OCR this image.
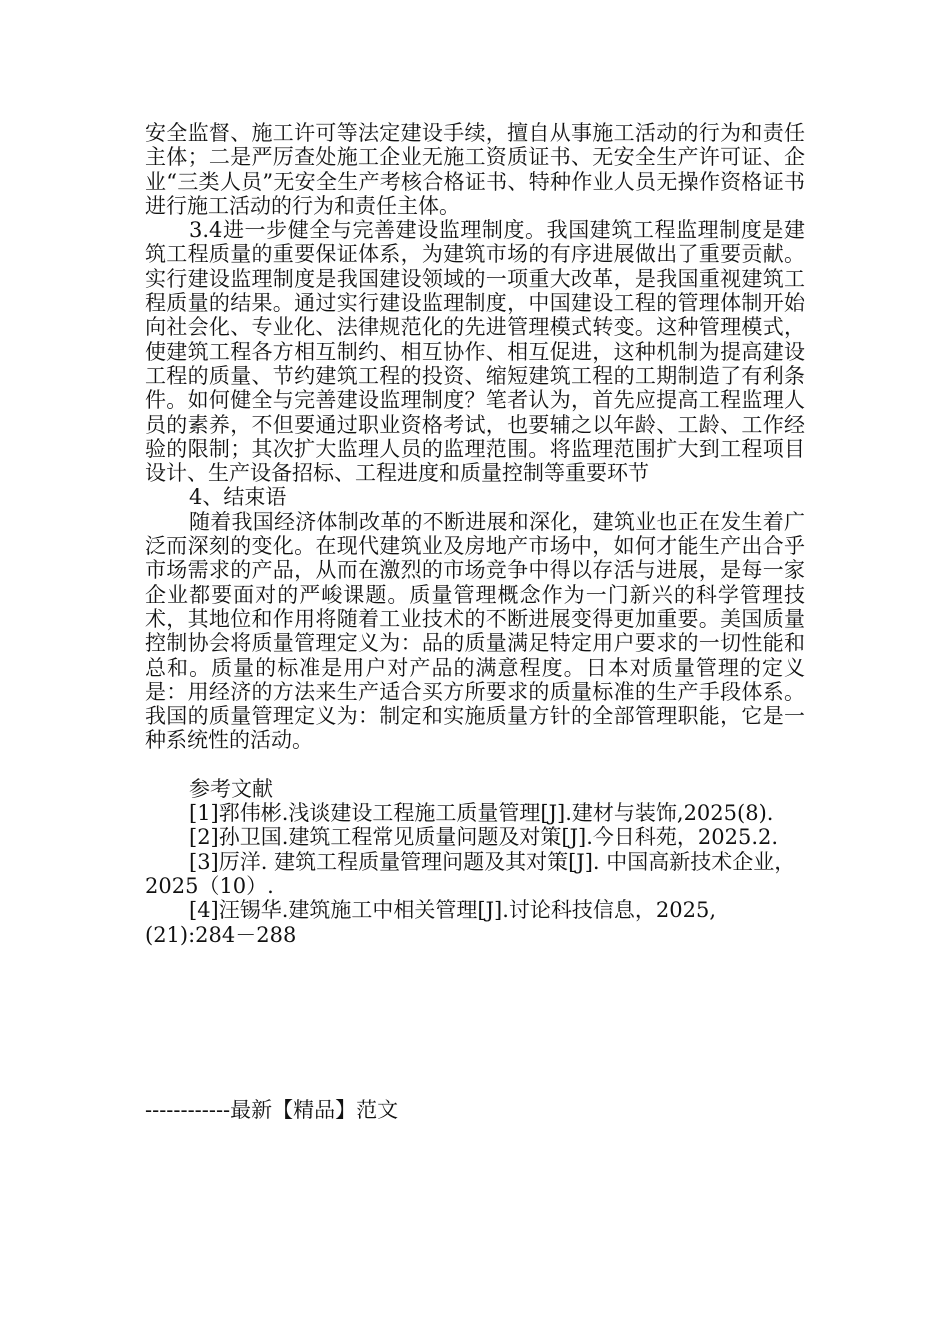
安全监督、施工许可等法定建设手续，擅自从事施工活动的行为和责任主体；二是严厉查处施工企业无施工资质证书、无安全生产许可证、企业“三类人员”无安全生产考核合格证书、特种作业人员无操作资格证书进行施工活动的行为和责任主体。

3.4进一步健全与完善建设监理制度。我国建筑工程监理制度是建筑工程质量的重要保证体系，为建筑市场的有序进展做出了重要贡献。实行建设监理制度是我国建设领域的一项重大改革，是我国重视建筑工程质量的结果。通过实行建设监理制度，中国建设工程的管理体制开始向社会化、专业化、法律规范化的先进管理模式转变。这种管理模式，使建筑工程各方相互制约、相互协作、相互促进，这种机制为提高建设工程的质量、节约建筑工程的投资、缩短建筑工程的工期制造了有利条件。如何健全与完善建设监理制度？笔者认为，首先应提高工程监理人员的素养，不但要通过职业资格考试，也要辅之以年龄、工龄、工作经验的限制；其次扩大监理人员的监理范围。将监理范围扩大到工程项目设计、生产设备招标、工程进度和质量控制等重要环节

4、结束语

随着我国经济体制改革的不断进展和深化，建筑业也正在发生着广泛而深刻的变化。在现代建筑业及房地产市场中，如何才能生产出合乎市场需求的产品，从而在激烈的市场竞争中得以存活与进展，是每一家企业都要面对的严峻课题。质量管理概念作为一门新兴的科学管理技术，其地位和作用将随着工业技术的不断进展变得更加重要。美国质量控制协会将质量管理定义为：品的质量满足特定用户要求的一切性能和总和。质量的标准是用户对产品的满意程度。日本对质量管理的定义是：用经济的方法来生产适合买方所要求的质量标准的生产手段体系。我国的质量管理定义为：制定和实施质量方针的全部管理职能，它是一种系统性的活动。

参考文献

[1]郛伟彬.浅谈建设工程施工质量管理[J].建材与装饰,2025(8).

[2]孙卫国.建筑工程常见质量问题及对策[J].今日科苑，2025.2.

[3]厉洋. 建筑工程质量管理问题及其对策[J]. 中国高新技术企业，2025（10）.

[4]汪锡华.建筑施工中相关管理[J].讨论科技信息，2025,(21):284－288

------------最新【精品】范文
